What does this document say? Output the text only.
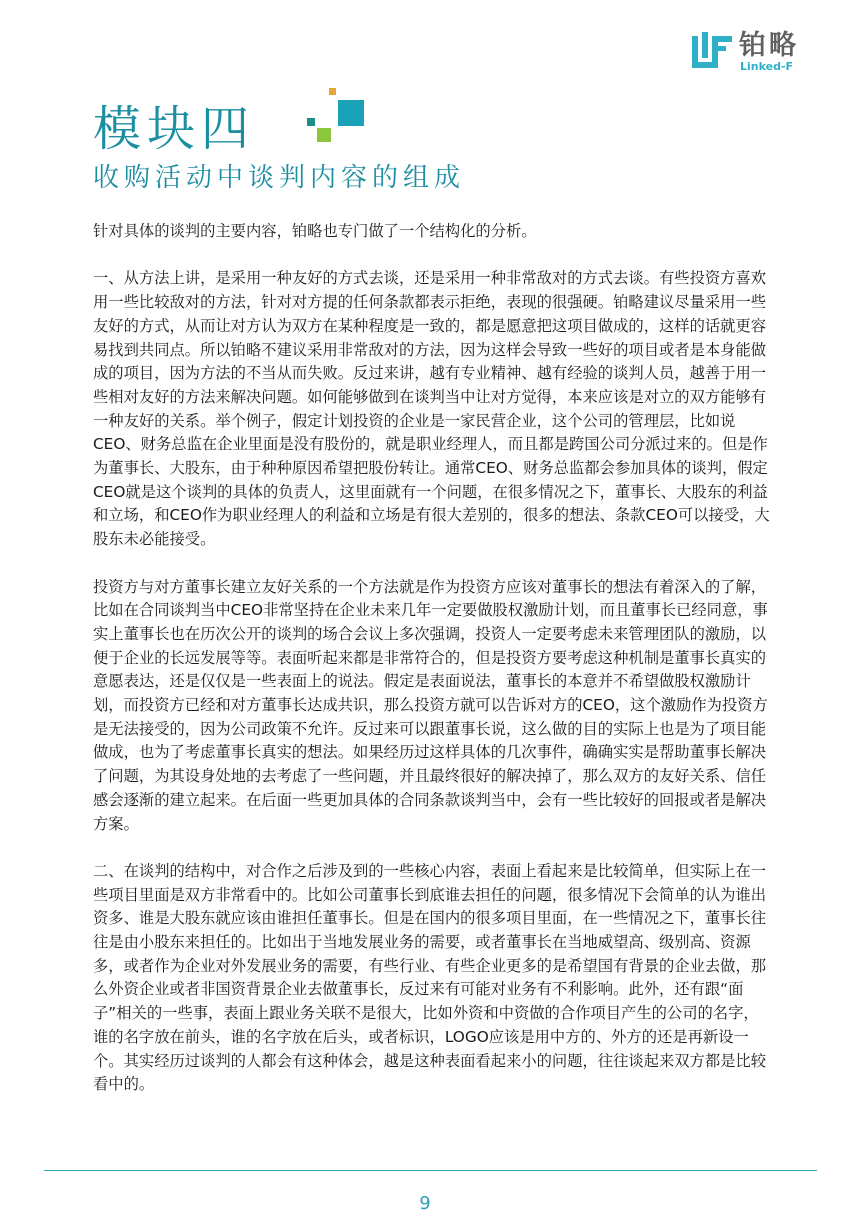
铂略
Linked-F
模块四
收购活动中谈判内容的组成

针对具体的谈判的主要内容，铂略也专门做了一个结构化的分析。

一、从方法上讲，是采用一种友好的方式去谈，还是采用一种非常敌对的方式去谈。有些投资方喜欢用一些比较敌对的方法，针对对方提的任何条款都表示拒绝，表现的很强硬。铂略建议尽量采用一些友好的方式，从而让对方认为双方在某种程度是一致的，都是愿意把这项目做成的，这样的话就更容易找到共同点。所以铂略不建议采用非常敌对的方法，因为这样会导致一些好的项目或者是本身能做成的项目，因为方法的不当从而失败。反过来讲，越有专业精神、越有经验的谈判人员，越善于用一些相对友好的方法来解决问题。如何能够做到在谈判当中让对方觉得，本来应该是对立的双方能够有一种友好的关系。举个例子，假定计划投资的企业是一家民营企业，这个公司的管理层，比如说CEO、财务总监在企业里面是没有股份的，就是职业经理人，而且都是跨国公司分派过来的。但是作为董事长、大股东，由于种种原因希望把股份转让。通常CEO、财务总监都会参加具体的谈判，假定CEO就是这个谈判的具体的负责人，这里面就有一个问题，在很多情况之下，董事长、大股东的利益和立场，和CEO作为职业经理人的利益和立场是有很大差别的，很多的想法、条款CEO可以接受，大股东未必能接受。

投资方与对方董事长建立友好关系的一个方法就是作为投资方应该对董事长的想法有着深入的了解，比如在合同谈判当中CEO非常坚持在企业未来几年一定要做股权激励计划，而且董事长已经同意，事实上董事长也在历次公开的谈判的场合会议上多次强调，投资人一定要考虑未来管理团队的激励，以便于企业的长远发展等等。表面听起来都是非常符合的，但是投资方要考虑这种机制是董事长真实的意愿表达，还是仅仅是一些表面上的说法。假定是表面说法，董事长的本意并不希望做股权激励计划，而投资方已经和对方董事长达成共识，那么投资方就可以告诉对方的CEO，这个激励作为投资方是无法接受的，因为公司政策不允许。反过来可以跟董事长说，这么做的目的实际上也是为了项目能做成，也为了考虑董事长真实的想法。如果经历过这样具体的几次事件，确确实实是帮助董事长解决了问题，为其设身处地的去考虑了一些问题，并且最终很好的解决掉了，那么双方的友好关系、信任感会逐渐的建立起来。在后面一些更加具体的合同条款谈判当中，会有一些比较好的回报或者是解决方案。

二、在谈判的结构中，对合作之后涉及到的一些核心内容，表面上看起来是比较简单，但实际上在一些项目里面是双方非常看中的。比如公司董事长到底谁去担任的问题，很多情况下会简单的认为谁出资多、谁是大股东就应该由谁担任董事长。但是在国内的很多项目里面，在一些情况之下，董事长往往是由小股东来担任的。比如出于当地发展业务的需要，或者董事长在当地威望高、级别高、资源多，或者作为企业对外发展业务的需要，有些行业、有些企业更多的是希望国有背景的企业去做，那么外资企业或者非国资背景企业去做董事长，反过来有可能对业务有不利影响。此外，还有跟“面子”相关的一些事，表面上跟业务关联不是很大，比如外资和中资做的合作项目产生的公司的名字，谁的名字放在前头，谁的名字放在后头，或者标识，LOGO应该是用中方的、外方的还是再新设一个。其实经历过谈判的人都会有这种体会，越是这种表面看起来小的问题，往往谈起来双方都是比较看中的。

9
